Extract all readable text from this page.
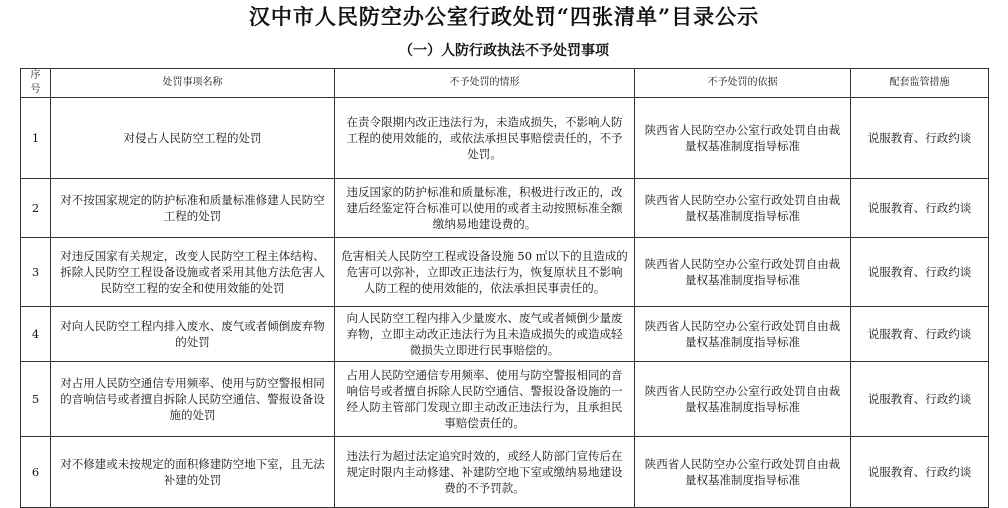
汉中市人民防空办公室行政处罚“四张清单”目录公示
（一）人防行政执法不予处罚事项
序号	处罚事项名称	不予处罚的情形	不予处罚的依据	配套监管措施
1	对侵占人民防空工程的处罚	在责令限期内改正违法行为，未造成损失，不影响人防工程的使用效能的，或依法承担民事赔偿责任的，不予处罚。	陕西省人民防空办公室行政处罚自由裁量权基准制度指导标准	说服教育、行政约谈
2	对不按国家规定的防护标准和质量标准修建人民防空工程的处罚	违反国家的防护标准和质量标准，积极进行改正的，改建后经鉴定符合标准可以使用的或者主动按照标准全额缴纳易地建设费的。	陕西省人民防空办公室行政处罚自由裁量权基准制度指导标准	说服教育、行政约谈
3	对违反国家有关规定，改变人民防空工程主体结构、拆除人民防空工程设备设施或者采用其他方法危害人民防空工程的安全和使用效能的处罚	危害相关人民防空工程或设备设施 50 ㎡以下的且造成的危害可以弥补，立即改正违法行为，恢复原状且不影响人防工程的使用效能的，依法承担民事责任的。	陕西省人民防空办公室行政处罚自由裁量权基准制度指导标准	说服教育、行政约谈
4	对向人民防空工程内排入废水、废气或者倾倒废弃物的处罚	向人民防空工程内排入少量废水、废气或者倾倒少量废弃物，立即主动改正违法行为且未造成损失的或造成轻微损失立即进行民事赔偿的。	陕西省人民防空办公室行政处罚自由裁量权基准制度指导标准	说服教育、行政约谈
5	对占用人民防空通信专用频率、使用与防空警报相同的音响信号或者擅自拆除人民防空通信、警报设备设施的处罚	占用人民防空通信专用频率、使用与防空警报相同的音响信号或者擅自拆除人民防空通信、警报设备设施的一经人防主管部门发现立即主动改正违法行为，且承担民事赔偿责任的。	陕西省人民防空办公室行政处罚自由裁量权基准制度指导标准	说服教育、行政约谈
6	对不修建或未按规定的面积修建防空地下室，且无法补建的处罚	违法行为超过法定追究时效的，或经人防部门宣传后在规定时限内主动修建、补建防空地下室或缴纳易地建设费的不予罚款。	陕西省人民防空办公室行政处罚自由裁量权基准制度指导标准	说服教育、行政约谈
